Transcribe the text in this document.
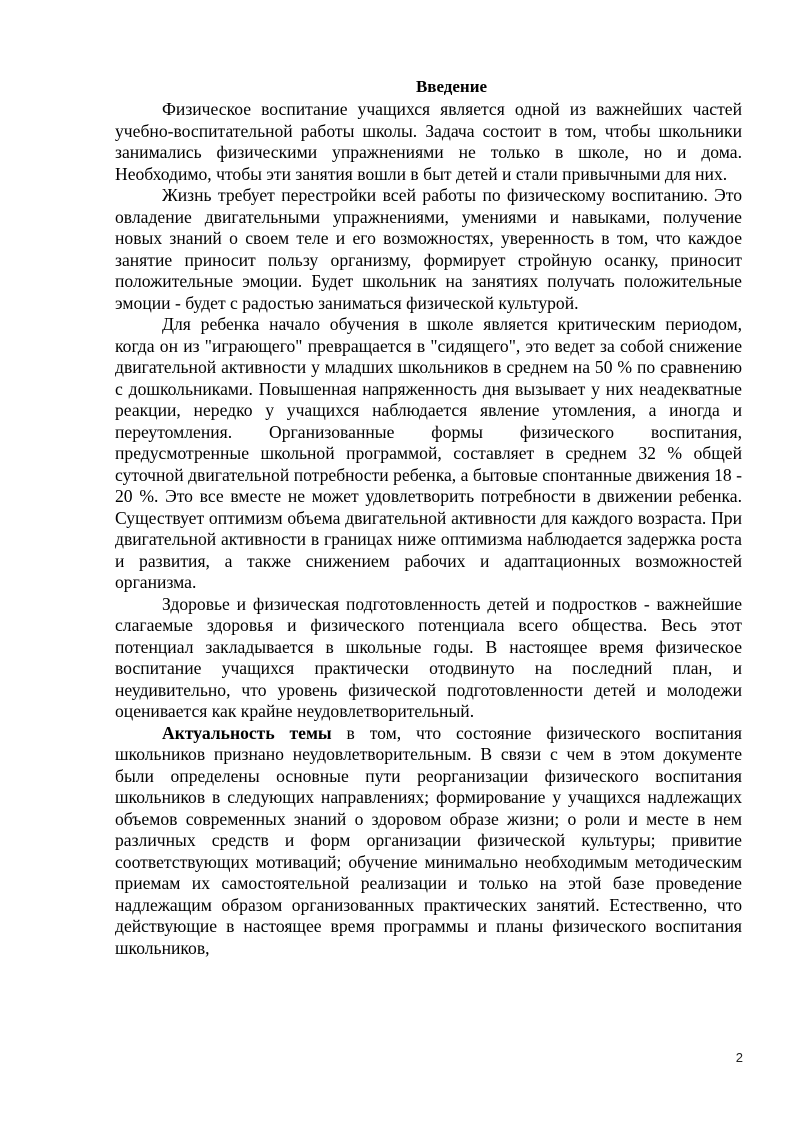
Введение

Физическое воспитание учащихся является одной из важнейших частей учебно-воспитательной работы школы. Задача состоит в том, чтобы школьники занимались физическими упражнениями не только в школе, но и дома. Необходимо, чтобы эти занятия вошли в быт детей и стали привычными для них.

Жизнь требует перестройки всей работы по физическому воспитанию. Это овладение двигательными упражнениями, умениями и навыками, получение новых знаний о своем теле и его возможностях, уверенность в том, что каждое занятие приносит пользу организму, формирует стройную осанку, приносит положительные эмоции. Будет школьник на занятиях получать положительные эмоции - будет с радостью заниматься физической культурой.

Для ребенка начало обучения в школе является критическим периодом, когда он из "играющего" превращается в "сидящего", это ведет за собой снижение двигательной активности у младших школьников в среднем на 50 % по сравнению с дошкольниками. Повышенная напряженность дня вызывает у них неадекватные реакции, нередко у учащихся наблюдается явление утомления, а иногда и переутомления. Организованные формы физического воспитания, предусмотренные школьной программой, составляет в среднем 32 % общей суточной двигательной потребности ребенка, а бытовые спонтанные движения 18 - 20 %. Это все вместе не может удовлетворить потребности в движении ребенка. Существует оптимизм объема двигательной активности для каждого возраста. При двигательной активности в границах ниже оптимизма наблюдается задержка роста и развития, а также снижением рабочих и адаптационных возможностей организма.

Здоровье и физическая подготовленность детей и подростков - важнейшие слагаемые здоровья и физического потенциала всего общества. Весь этот потенциал закладывается в школьные годы. В настоящее время физическое воспитание учащихся практически отодвинуто на последний план, и неудивительно, что уровень физической подготовленности детей и молодежи оценивается как крайне неудовлетворительный.

Актуальность темы в том, что состояние физического воспитания школьников признано неудовлетворительным. В связи с чем в этом документе были определены основные пути реорганизации физического воспитания школьников в следующих направлениях; формирование у учащихся надлежащих объемов современных знаний о здоровом образе жизни; о роли и месте в нем различных средств и форм организации физической культуры; привитие соответствующих мотиваций; обучение минимально необходимым методическим приемам их самостоятельной реализации и только на этой базе проведение надлежащим образом организованных практических занятий. Естественно, что действующие в настоящее время программы и планы физического воспитания школьников,

2
